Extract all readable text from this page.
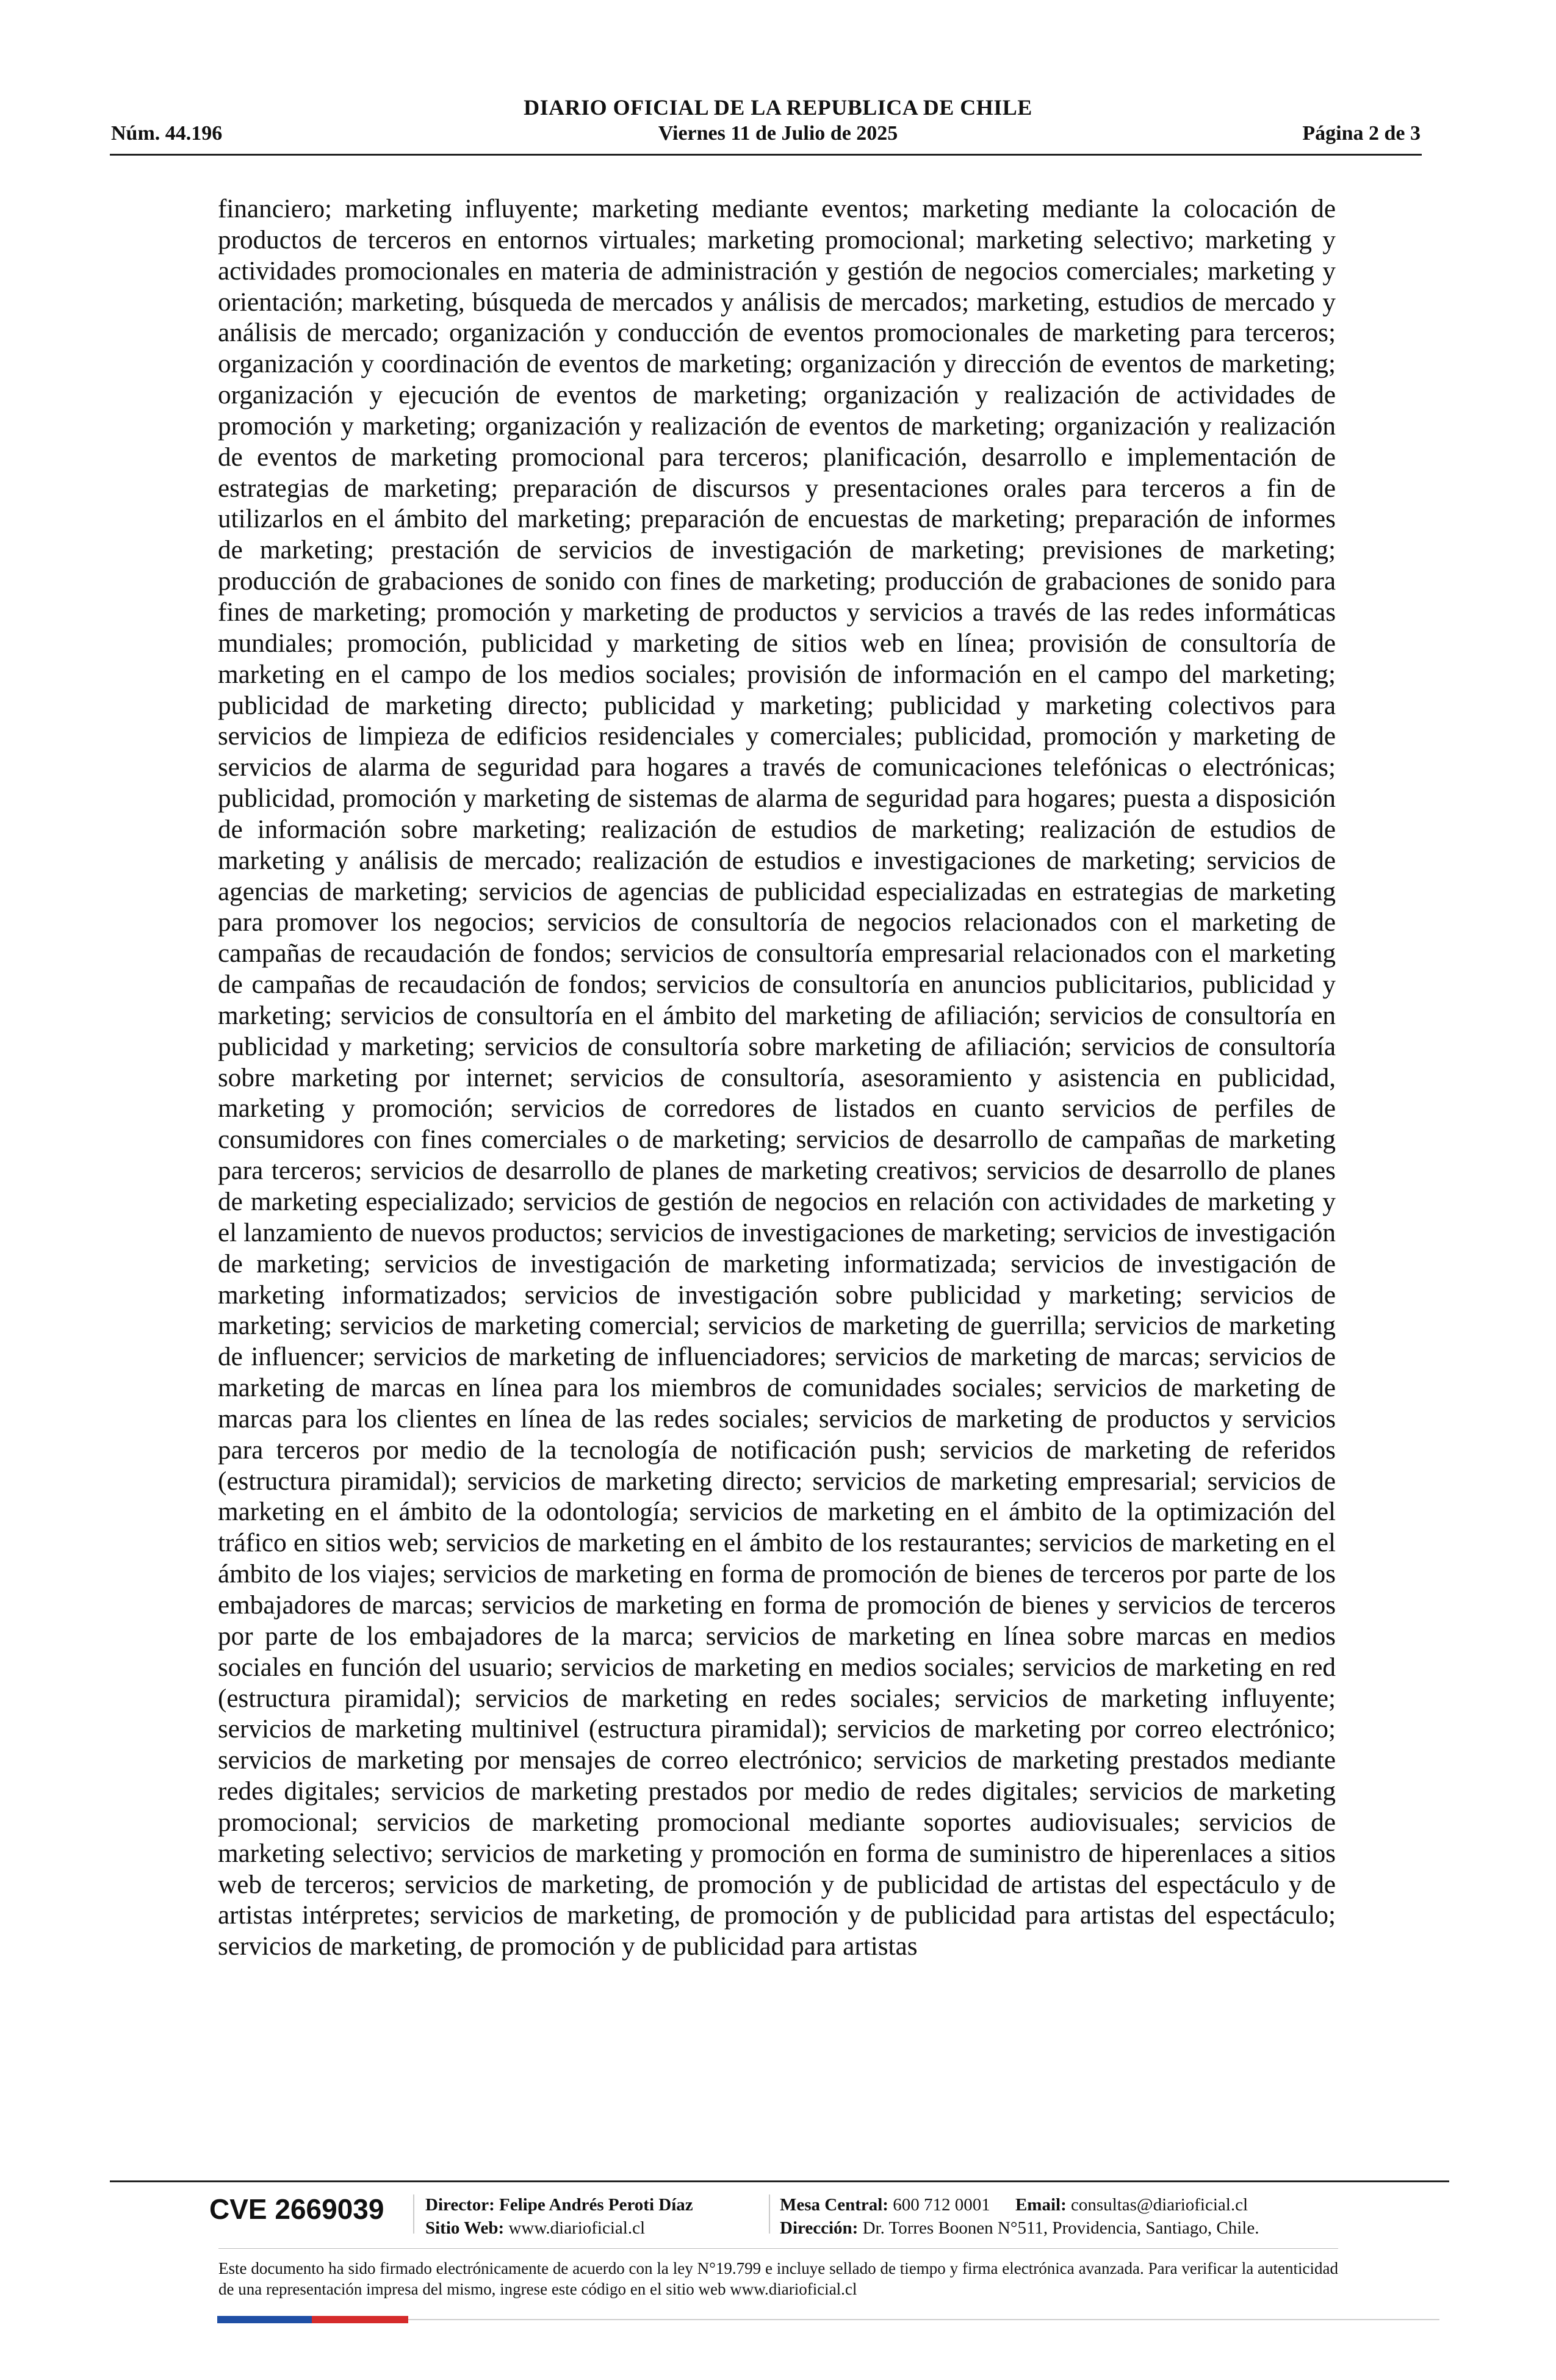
DIARIO OFICIAL DE LA REPUBLICA DE CHILE
Núm. 44.196	Viernes 11 de Julio de 2025	Página 2 de 3
financiero; marketing influyente; marketing mediante eventos; marketing mediante la colocación de productos de terceros en entornos virtuales; marketing promocional; marketing selectivo; marketing y actividades promocionales en materia de administración y gestión de negocios comerciales; marketing y orientación; marketing, búsqueda de mercados y análisis de mercados; marketing, estudios de mercado y análisis de mercado; organización y conducción de eventos promocionales de marketing para terceros; organización y coordinación de eventos de marketing; organización y dirección de eventos de marketing; organización y ejecución de eventos de marketing; organización y realización de actividades de promoción y marketing; organización y realización de eventos de marketing; organización y realización de eventos de marketing promocional para terceros; planificación, desarrollo e implementación de estrategias de marketing; preparación de discursos y presentaciones orales para terceros a fin de utilizarlos en el ámbito del marketing; preparación de encuestas de marketing; preparación de informes de marketing; prestación de servicios de investigación de marketing; previsiones de marketing; producción de grabaciones de sonido con fines de marketing; producción de grabaciones de sonido para fines de marketing; promoción y marketing de productos y servicios a través de las redes informáticas mundiales; promoción, publicidad y marketing de sitios web en línea; provisión de consultoría de marketing en el campo de los medios sociales; provisión de información en el campo del marketing; publicidad de marketing directo; publicidad y marketing; publicidad y marketing colectivos para servicios de limpieza de edificios residenciales y comerciales; publicidad, promoción y marketing de servicios de alarma de seguridad para hogares a través de comunicaciones telefónicas o electrónicas; publicidad, promoción y marketing de sistemas de alarma de seguridad para hogares; puesta a disposición de información sobre marketing; realización de estudios de marketing; realización de estudios de marketing y análisis de mercado; realización de estudios e investigaciones de marketing; servicios de agencias de marketing; servicios de agencias de publicidad especializadas en estrategias de marketing para promover los negocios; servicios de consultoría de negocios relacionados con el marketing de campañas de recaudación de fondos; servicios de consultoría empresarial relacionados con el marketing de campañas de recaudación de fondos; servicios de consultoría en anuncios publicitarios, publicidad y marketing; servicios de consultoría en el ámbito del marketing de afiliación; servicios de consultoría en publicidad y marketing; servicios de consultoría sobre marketing de afiliación; servicios de consultoría sobre marketing por internet; servicios de consultoría, asesoramiento y asistencia en publicidad, marketing y promoción; servicios de corredores de listados en cuanto servicios de perfiles de consumidores con fines comerciales o de marketing; servicios de desarrollo de campañas de marketing para terceros; servicios de desarrollo de planes de marketing creativos; servicios de desarrollo de planes de marketing especializado; servicios de gestión de negocios en relación con actividades de marketing y el lanzamiento de nuevos productos; servicios de investigaciones de marketing; servicios de investigación de marketing; servicios de investigación de marketing informatizada; servicios de investigación de marketing informatizados; servicios de investigación sobre publicidad y marketing; servicios de marketing; servicios de marketing comercial; servicios de marketing de guerrilla; servicios de marketing de influencer; servicios de marketing de influenciadores; servicios de marketing de marcas; servicios de marketing de marcas en línea para los miembros de comunidades sociales; servicios de marketing de marcas para los clientes en línea de las redes sociales; servicios de marketing de productos y servicios para terceros por medio de la tecnología de notificación push; servicios de marketing de referidos (estructura piramidal); servicios de marketing directo; servicios de marketing empresarial; servicios de marketing en el ámbito de la odontología; servicios de marketing en el ámbito de la optimización del tráfico en sitios web; servicios de marketing en el ámbito de los restaurantes; servicios de marketing en el ámbito de los viajes; servicios de marketing en forma de promoción de bienes de terceros por parte de los embajadores de marcas; servicios de marketing en forma de promoción de bienes y servicios de terceros por parte de los embajadores de la marca; servicios de marketing en línea sobre marcas en medios sociales en función del usuario; servicios de marketing en medios sociales; servicios de marketing en red (estructura piramidal); servicios de marketing en redes sociales; servicios de marketing influyente; servicios de marketing multinivel (estructura piramidal); servicios de marketing por correo electrónico; servicios de marketing por mensajes de correo electrónico; servicios de marketing prestados mediante redes digitales; servicios de marketing prestados por medio de redes digitales; servicios de marketing promocional; servicios de marketing promocional mediante soportes audiovisuales; servicios de marketing selectivo; servicios de marketing y promoción en forma de suministro de hiperenlaces a sitios web de terceros; servicios de marketing, de promoción y de publicidad de artistas del espectáculo y de artistas intérpretes; servicios de marketing, de promoción y de publicidad para artistas del espectáculo; servicios de marketing, de promoción y de publicidad para artistas
CVE 2669039 Director: Felipe Andrés Peroti Díaz
Sitio Web: www.diarioficial.cl
Mesa Central: 600 712 0001 Email: consultas@diarioficial.cl
Dirección: Dr. Torres Boonen N°511, Providencia, Santiago, Chile.
Este documento ha sido firmado electrónicamente de acuerdo con la ley N°19.799 e incluye sellado de tiempo y firma electrónica avanzada. Para verificar la autenticidad de una representación impresa del mismo, ingrese este código en el sitio web www.diarioficial.cl
